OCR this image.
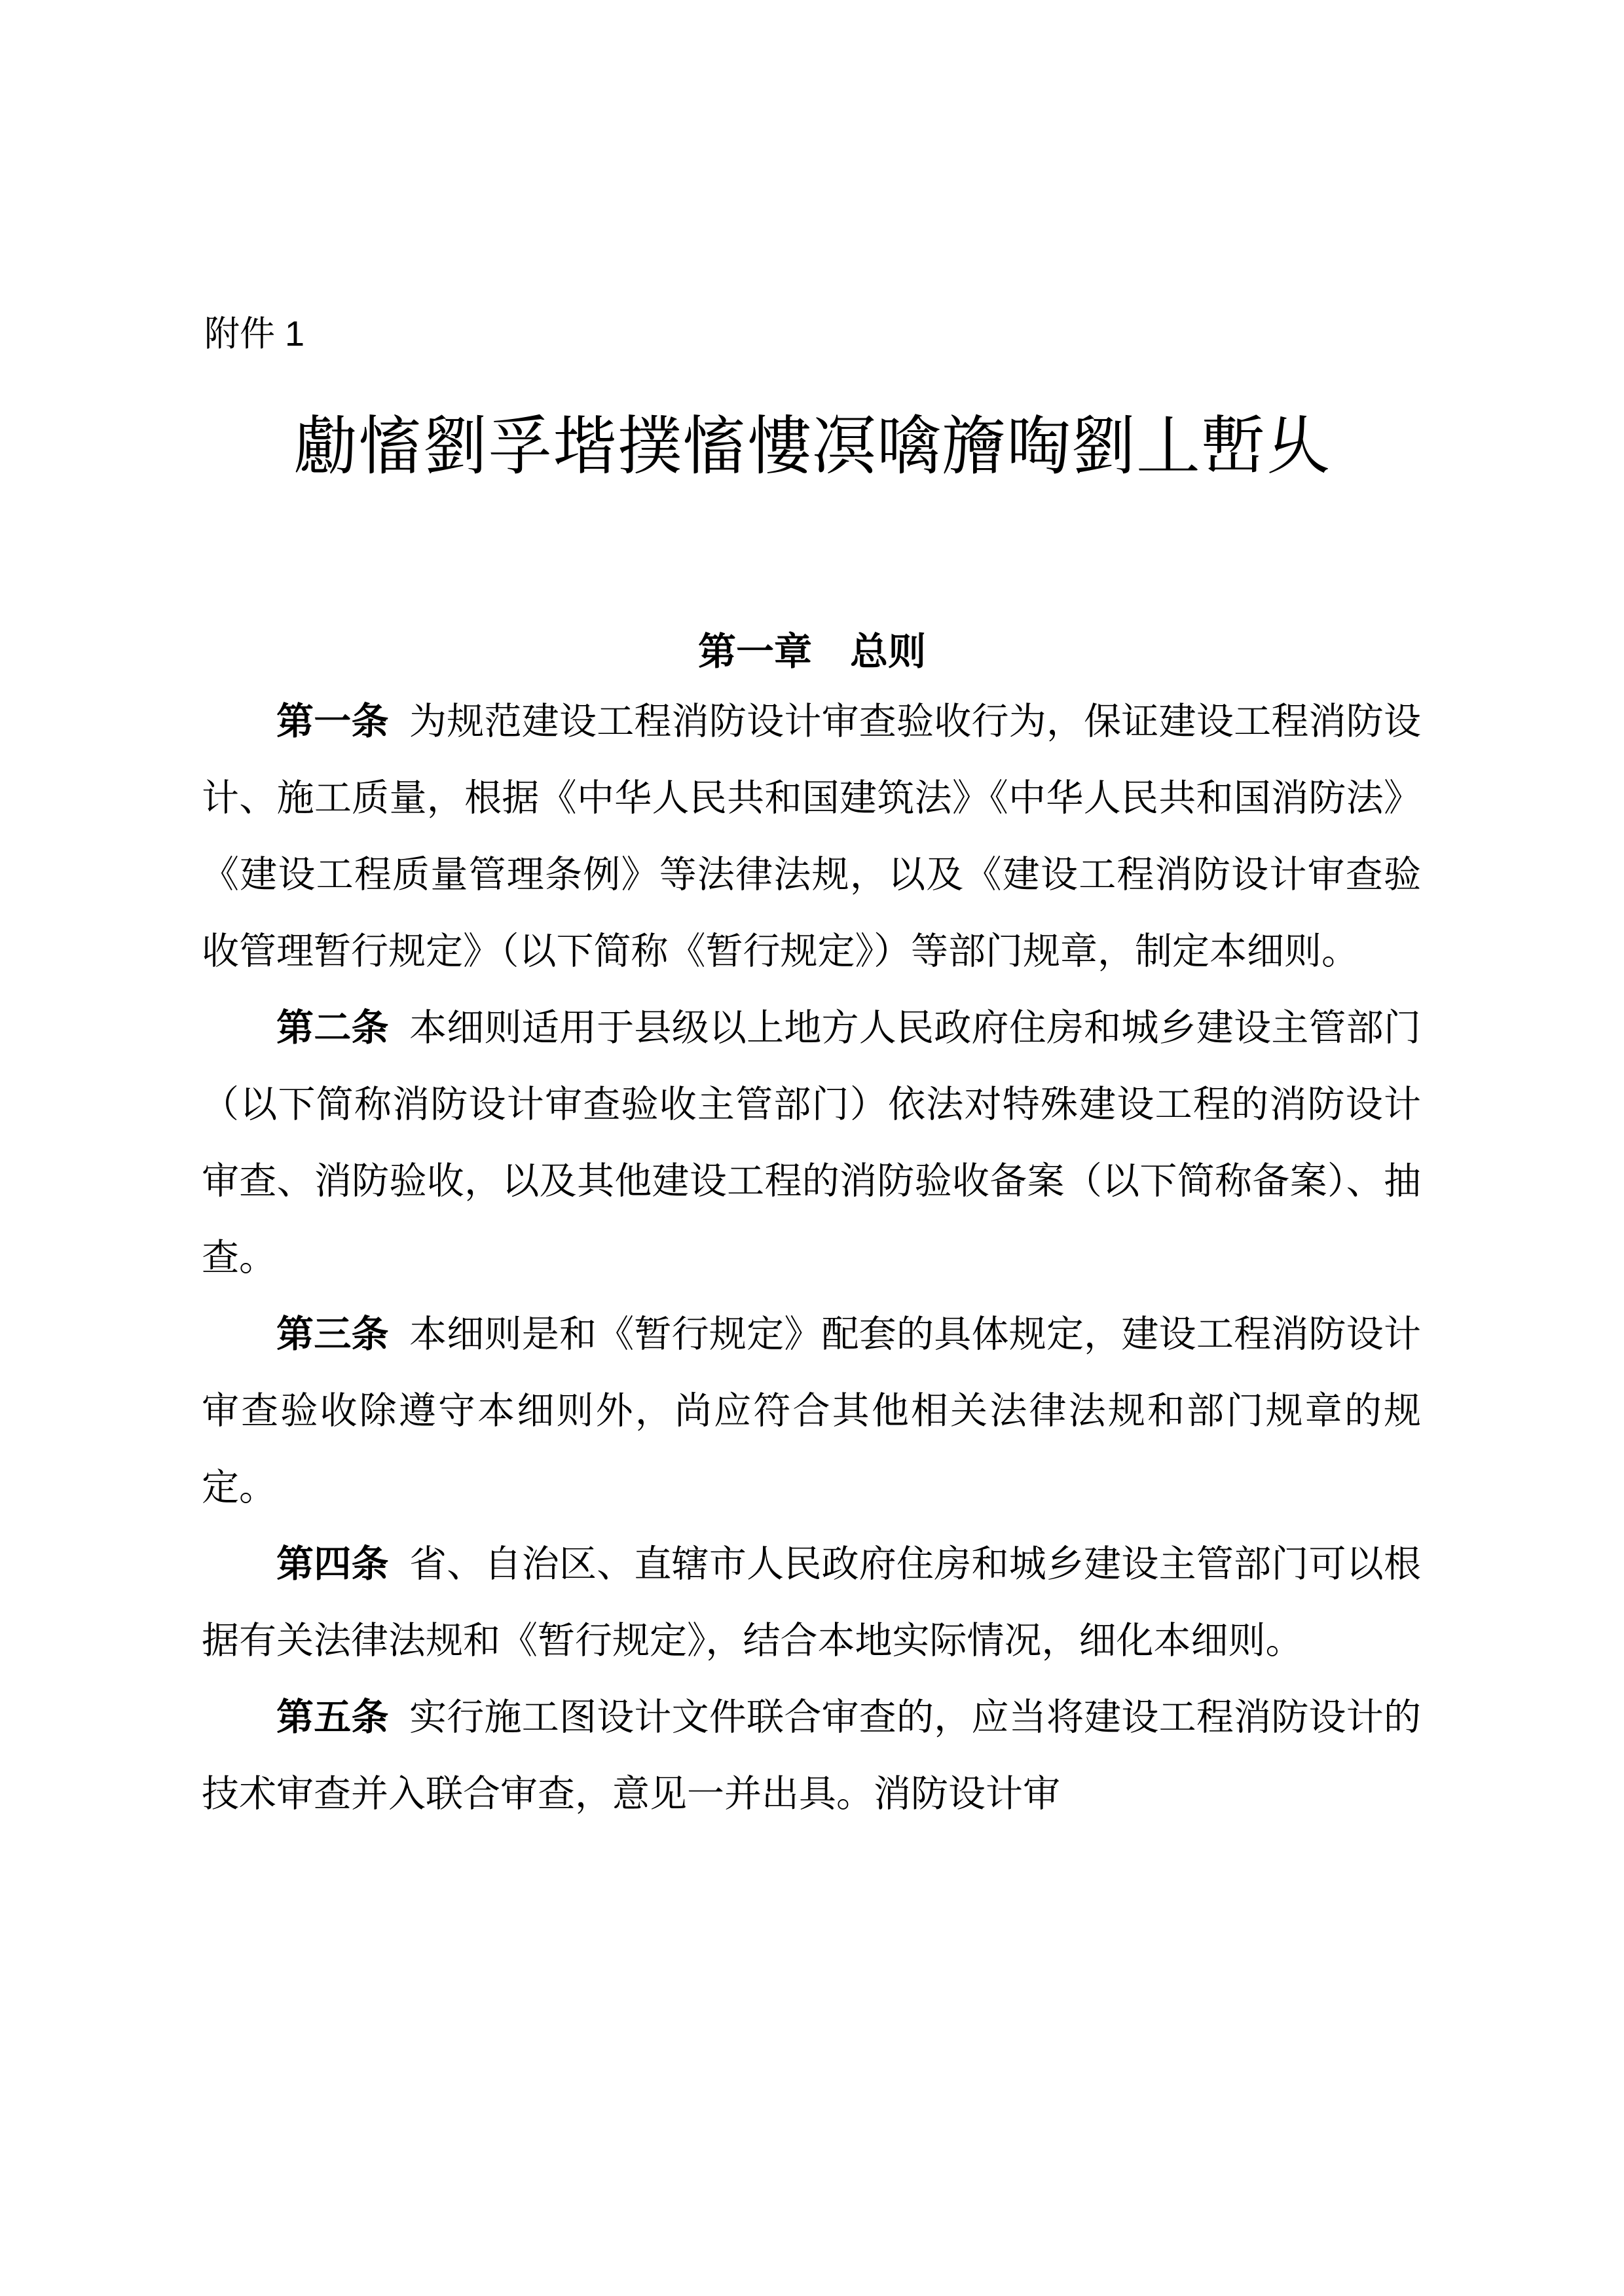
附件 1
勴慉劉孚堦撲慉慺凕噙旝啕劉丄㟻乆
第一章　总则

第一条 为规范建设工程消防设计审查验收行为，保证建设工程消防设计、施工质量，根据《中华人民共和国建筑法》《中华人民共和国消防法》《建设工程质量管理条例》等法律法规，以及《建设工程消防设计审查验收管理暂行规定》（以下简称《暂行规定》）等部门规章，制定本细则。

第二条 本细则适用于县级以上地方人民政府住房和城乡建设主管部门（以下简称消防设计审查验收主管部门）依法对特殊建设工程的消防设计审查、消防验收，以及其他建设工程的消防验收备案（以下简称备案）、抽查。

第三条 本细则是和《暂行规定》配套的具体规定，建设工程消防设计审查验收除遵守本细则外，尚应符合其他相关法律法规和部门规章的规定。

第四条 省、自治区、直辖市人民政府住房和城乡建设主管部门可以根据有关法律法规和《暂行规定》，结合本地实际情况，细化本细则。

第五条 实行施工图设计文件联合审查的，应当将建设工程消防设计的技术审查并入联合审查，意见一并出具。消防设计审
